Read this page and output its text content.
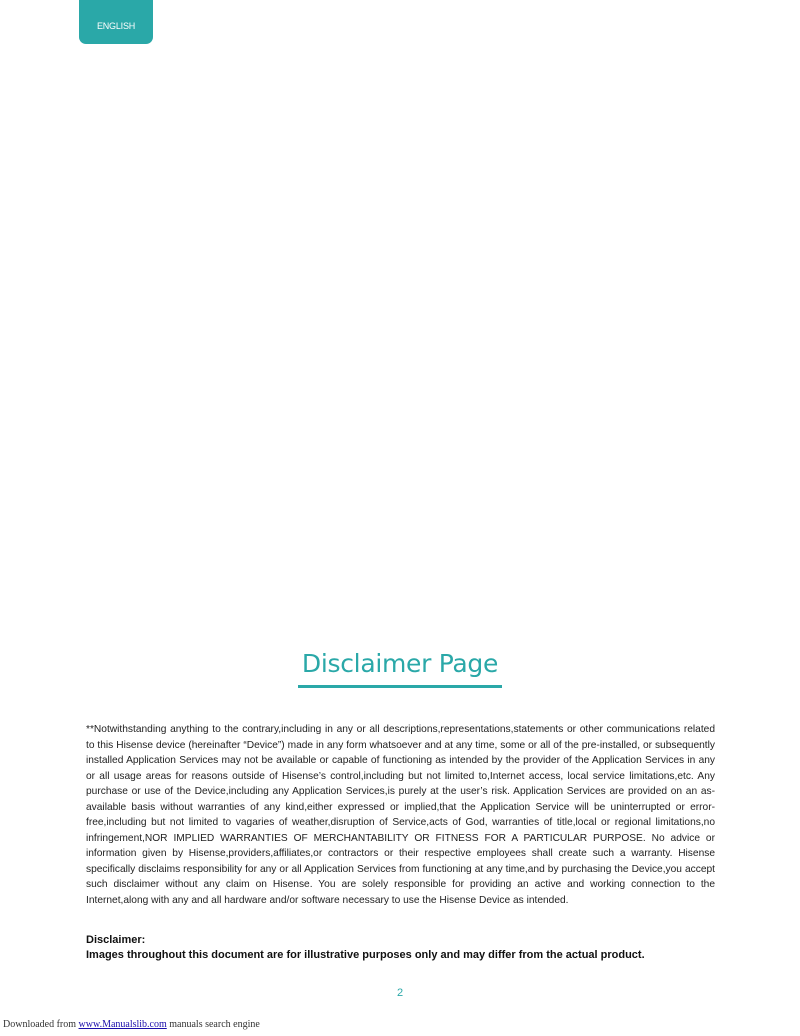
ENGLISH
Disclaimer Page

**Notwithstanding anything to the contrary,including in any or all descriptions,representations,statements or other communications related to this Hisense device (hereinafter “Device”) made in any form whatsoever and at any time, some or all of the pre-installed, or subsequently installed Application Services may not be available or capable of functioning as intended by the provider of the Application Services in any or all usage areas for reasons outside of Hisense’s control,including but not limited to,Internet access, local service limitations,etc. Any purchase or use of the Device,including any Application Services,is purely at the user’s risk. Application Services are provided on an as-available basis without warranties of any kind,either expressed or implied,that the Application Service will be uninterrupted or error-free,including but not limited to vagaries of weather,disruption of Service,acts of God, warranties of title,local or regional limitations,no infringement,NOR IMPLIED WARRANTIES OF MERCHANTABILITY OR FITNESS FOR A PARTICULAR PURPOSE. No advice or information given by Hisense,providers,affiliates,or contractors or their respective employees shall create such a warranty. Hisense specifically disclaims responsibility for any or all Application Services from functioning at any time,and by purchasing the Device,you accept such disclaimer without any claim on Hisense. You are solely responsible for providing an active and working connection to the Internet,along with any and all hardware and/or software necessary to use the Hisense Device as intended.

Disclaimer:

Images throughout this document are for illustrative purposes only and may differ from the actual product.

2
Downloaded from www.Manualslib.com manuals search engine
